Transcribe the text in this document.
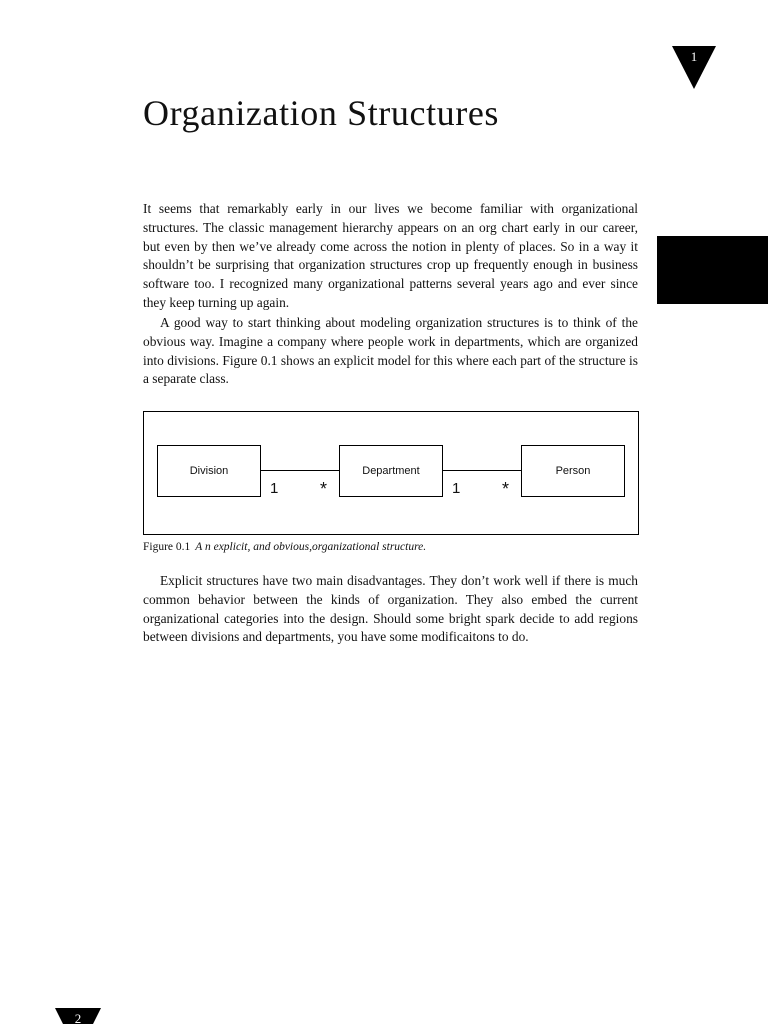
1
Organization Structures

It seems that remarkably early in our lives we become familiar with organizational structures. The classic management hierarchy appears on an org chart early in our career, but even by then we’ve already come across the notion in plenty of places. So in a way it shouldn’t be surprising that organization structures crop up frequently enough in business software too. I recognized many organizational patterns several years ago and ever since they keep turning up again.

A good way to start thinking about modeling organization structures is to think of the obvious way. Imagine a company where people work in departments, which are organized into divisions. Figure 0.1 shows an explicit model for this where each part of the structure is a separate class.

Division
1 *
Department
1 *
Person
Figure 0.1 A n explicit, and obvious,organizational structure.

Explicit structures have two main disadvantages. They don’t work well if there is much common behavior between the kinds of organization. They also embed the current organizational categories into the design. Should some bright spark decide to add regions between divisions and departments, you have some modificaitons to do.

2
